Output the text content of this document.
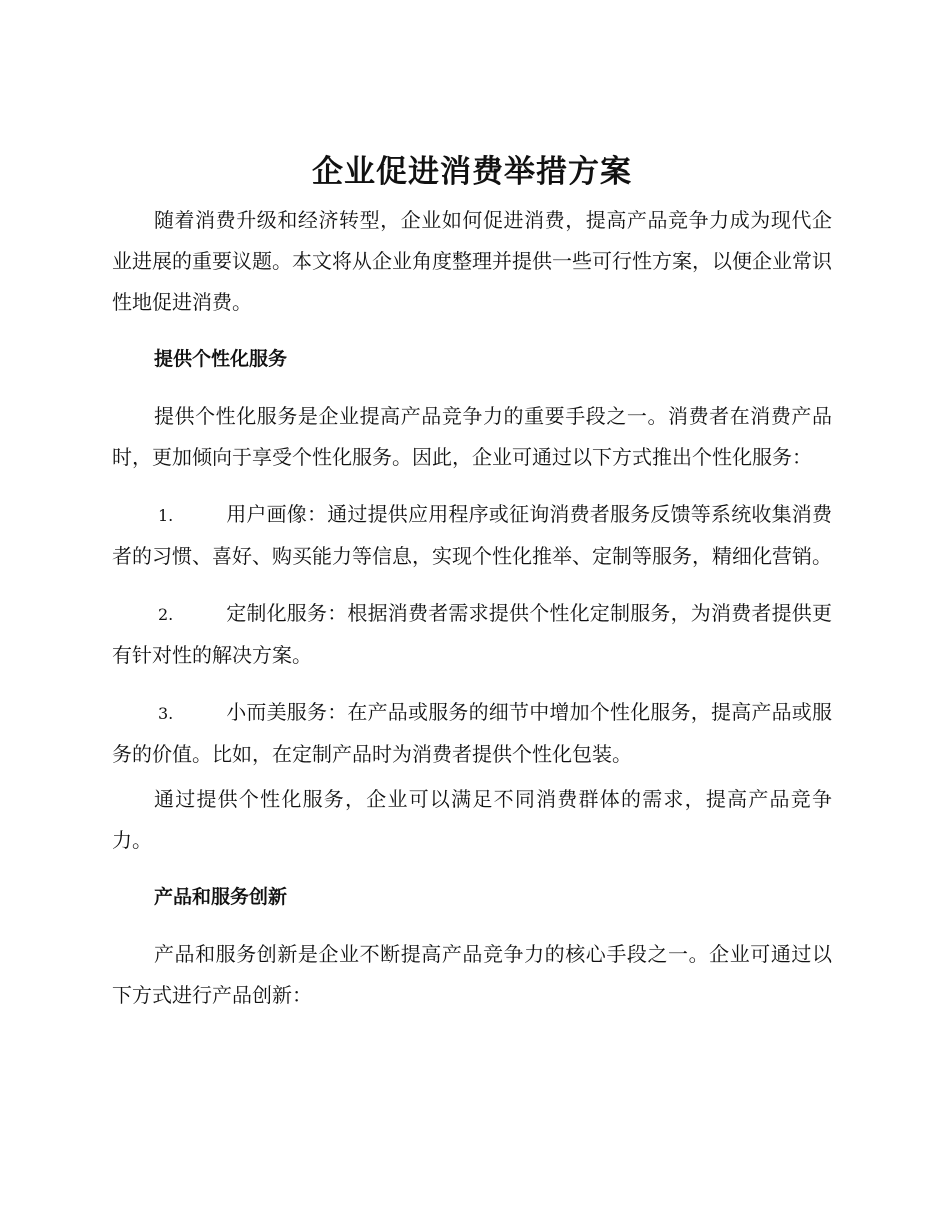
企业促进消费举措方案

随着消费升级和经济转型，企业如何促进消费，提高产品竞争力成为现代企业进展的重要议题。本文将从企业角度整理并提供一些可行性方案，以便企业常识性地促进消费。

提供个性化服务

提供个性化服务是企业提高产品竞争力的重要手段之一。消费者在消费产品时，更加倾向于享受个性化服务。因此，企业可通过以下方式推出个性化服务：

1.	用户画像：通过提供应用程序或征询消费者服务反馈等系统收集消费者的习惯、喜好、购买能力等信息，实现个性化推举、定制等服务，精细化营销。

2.	定制化服务：根据消费者需求提供个性化定制服务，为消费者提供更有针对性的解决方案。

3.	小而美服务：在产品或服务的细节中增加个性化服务，提高产品或服务的价值。比如，在定制产品时为消费者提供个性化包装。

通过提供个性化服务，企业可以满足不同消费群体的需求，提高产品竞争力。

产品和服务创新

产品和服务创新是企业不断提高产品竞争力的核心手段之一。企业可通过以下方式进行产品创新：
